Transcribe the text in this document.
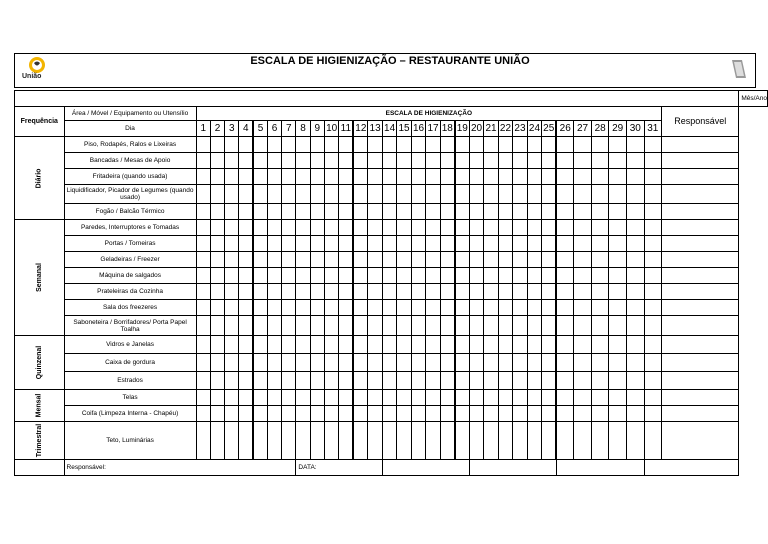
União
ESCALA DE HIGIENIZAÇÃO – RESTAURANTE UNIÃO
																																		Mês/Ano
Frequência	Área / Móvel / Equipamento ou Utensílio	ESCALA DE HIGIENIZAÇÃO																															Responsável	
	Dia	1	2	3	4	5	6	7	8	9	10	11	12	13	14	15	16	17	18	19	20	21	22	23	24	25	26	27	28	29	30	31		
Diário	Piso, Rodapés, Ralos e Lixeiras																																	
	Bancadas / Mesas de Apoio																																	
	Fritadeira (quando usada)																																	
	Liquidificador, Picador de Legumes (quando usado)																																	
	Fogão / Balcão Térmico																																	
Semanal	Paredes, Interruptores e Tomadas																																	
	Portas / Torneiras																																	
	Geladeiras / Freezer																																	
	Máquina de salgados																																	
	Prateleiras da Cozinha																																	
	Sala dos freezeres																																	
	Saboneteira / Borrifadores/ Porta Papel Toalha																																	
Quinzenal	Vidros e Janelas																																	
	Caixa de gordura																																	
	Estrados																																	
Mensal	Telas																																	
	Coifa (Limpeza Interna - Chapéu)																																	
Trimestral	Teto, Luminárias																																	
	Responsável:								DATA:																									
